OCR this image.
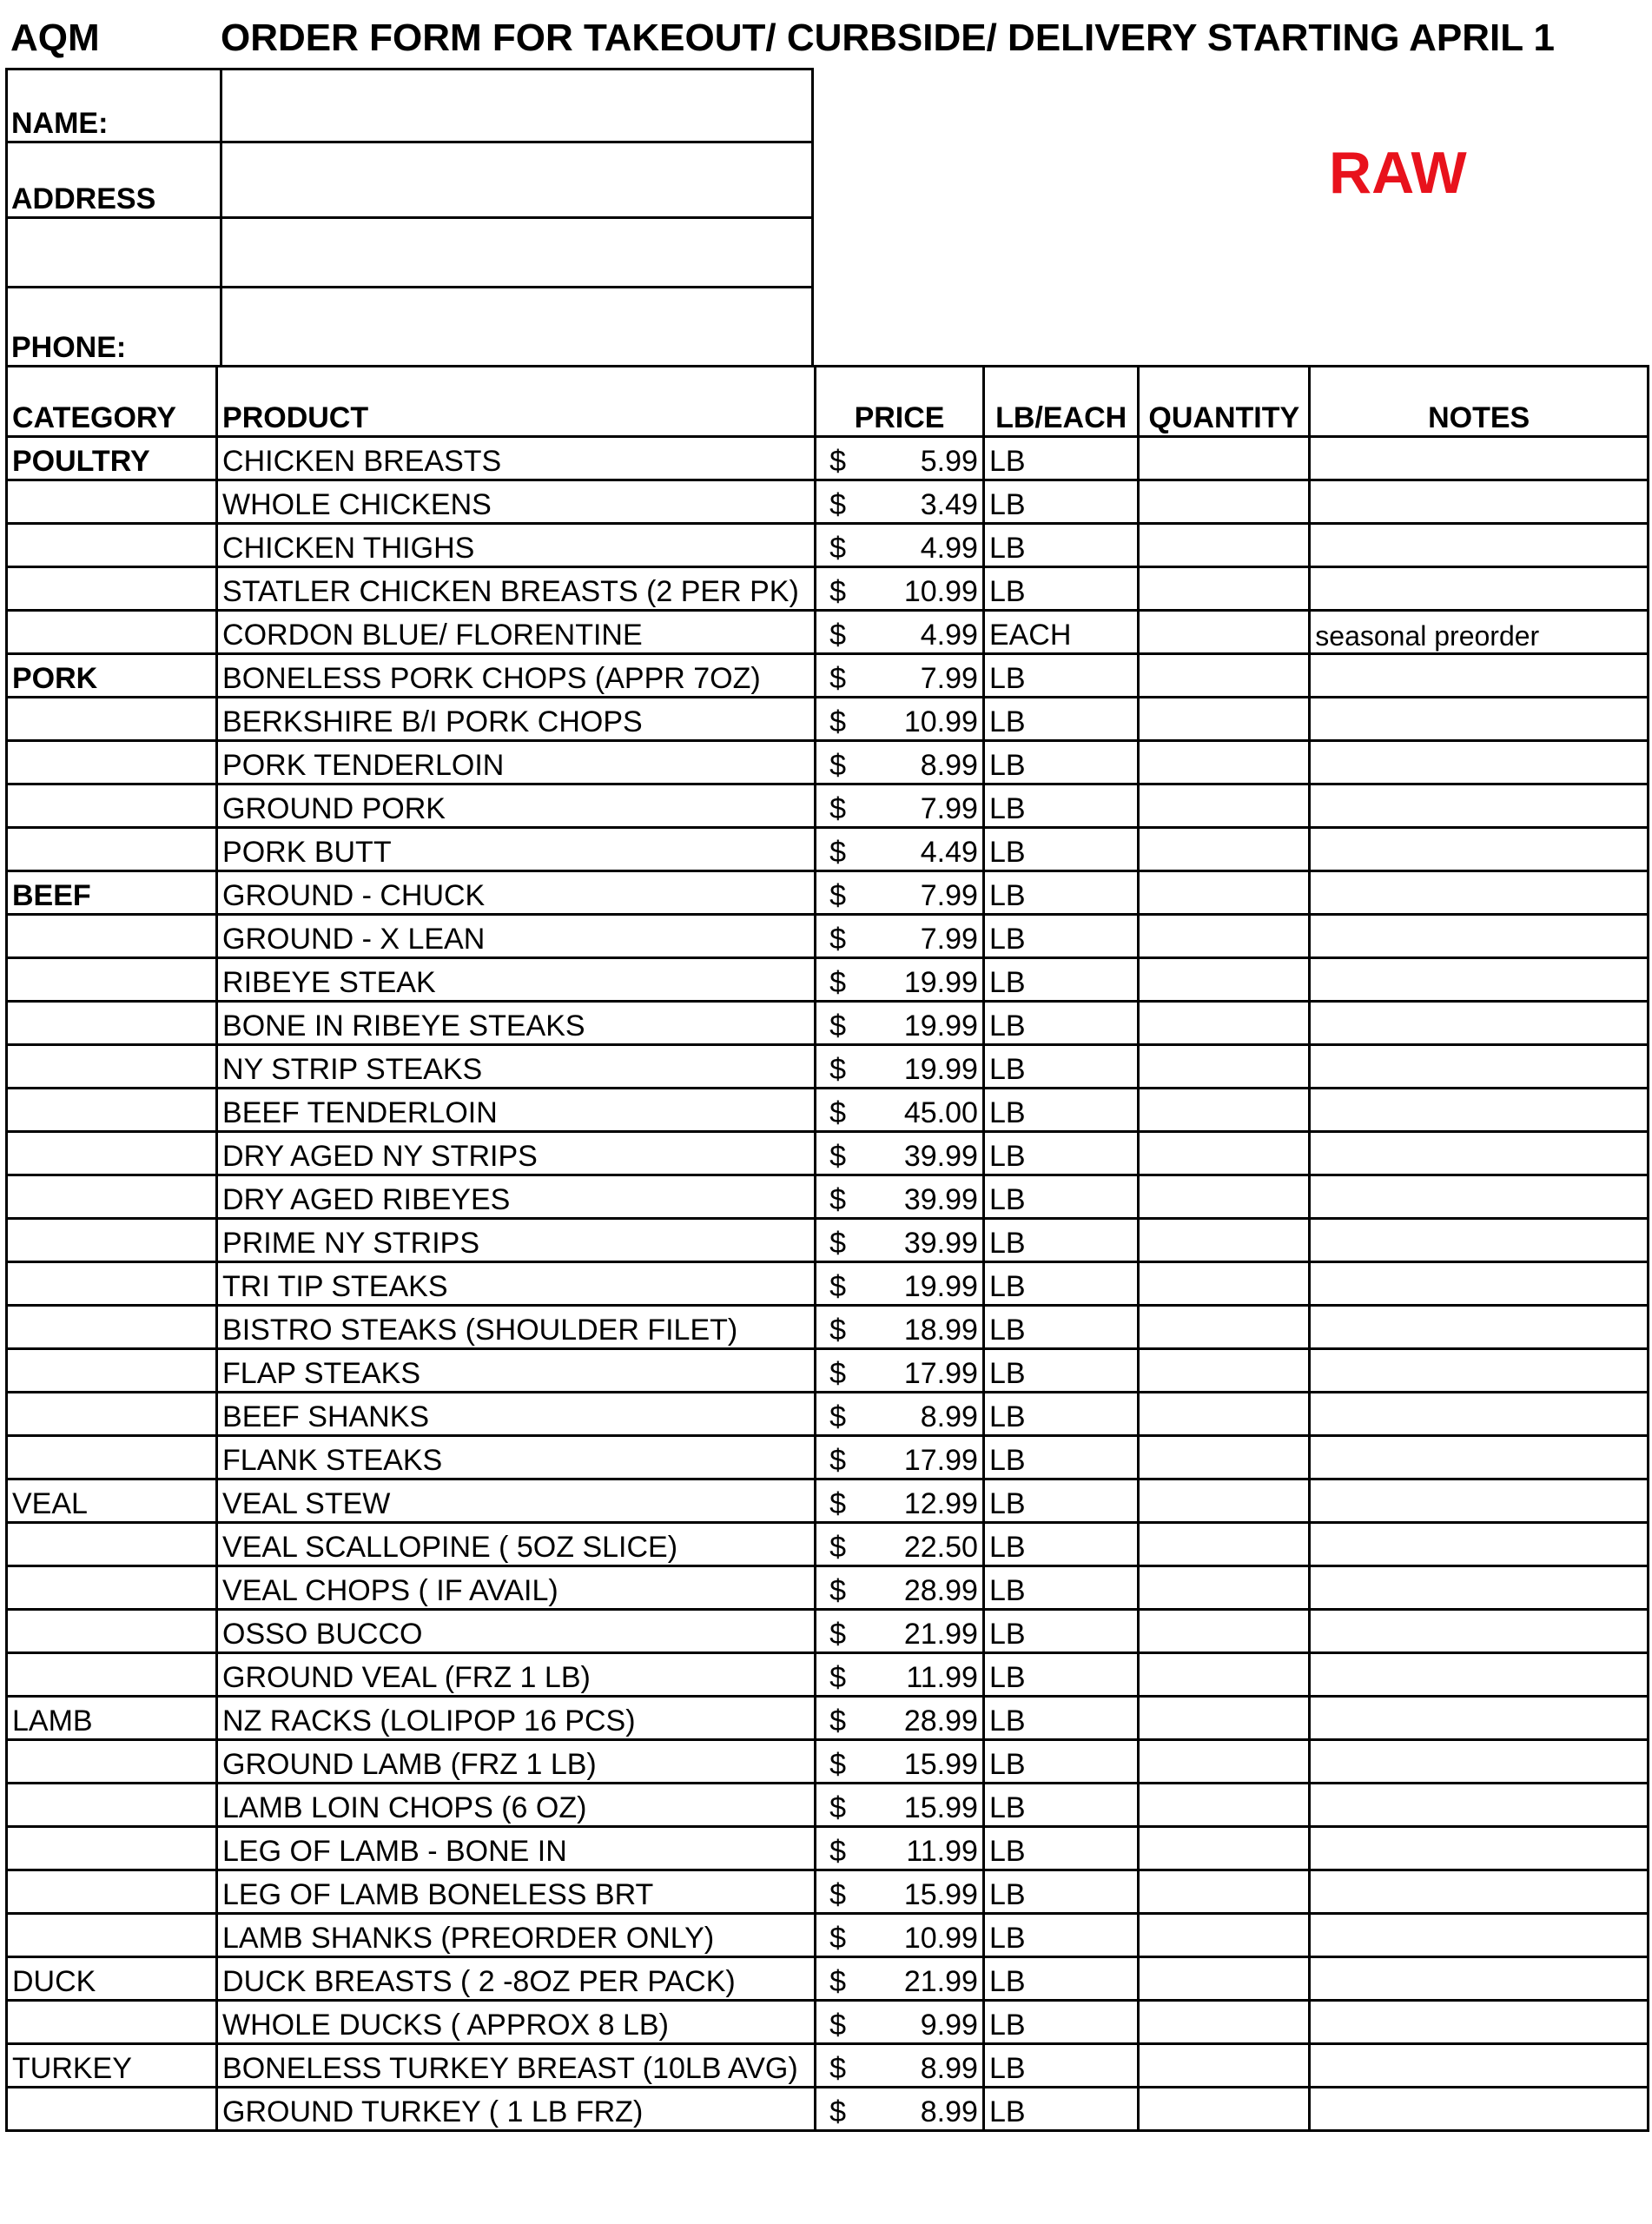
AQM	ORDER FORM FOR TAKEOUT/ CURBSIDE/ DELIVERY STARTING APRIL 1
RAW
NAME:	
ADDRESS	

PHONE:	
CATEGORY	PRODUCT	PRICE	LB/EACH	QUANTITY	NOTES
POULTRY	CHICKEN BREASTS	$ 5.99	LB		
	WHOLE CHICKENS	$ 3.49	LB		
	CHICKEN THIGHS	$ 4.99	LB		
	STATLER CHICKEN BREASTS (2 PER PK)	$ 10.99	LB		
	CORDON BLUE/ FLORENTINE	$ 4.99	EACH		seasonal preorder
PORK	BONELESS PORK CHOPS (APPR 7OZ)	$ 7.99	LB		
	BERKSHIRE B/I PORK CHOPS	$ 10.99	LB		
	PORK TENDERLOIN	$ 8.99	LB		
	GROUND PORK	$ 7.99	LB		
	PORK BUTT	$ 4.49	LB		
BEEF	GROUND - CHUCK	$ 7.99	LB		
	GROUND - X LEAN	$ 7.99	LB		
	RIBEYE STEAK	$ 19.99	LB		
	BONE IN RIBEYE STEAKS	$ 19.99	LB		
	NY STRIP STEAKS	$ 19.99	LB		
	BEEF TENDERLOIN	$ 45.00	LB		
	DRY AGED NY STRIPS	$ 39.99	LB		
	DRY AGED RIBEYES	$ 39.99	LB		
	PRIME NY STRIPS	$ 39.99	LB		
	TRI TIP STEAKS	$ 19.99	LB		
	BISTRO STEAKS (SHOULDER FILET)	$ 18.99	LB		
	FLAP STEAKS	$ 17.99	LB		
	BEEF SHANKS	$ 8.99	LB		
	FLANK STEAKS	$ 17.99	LB		
VEAL	VEAL STEW	$ 12.99	LB		
	VEAL SCALLOPINE ( 5OZ SLICE)	$ 22.50	LB		
	VEAL CHOPS ( IF AVAIL)	$ 28.99	LB		
	OSSO BUCCO	$ 21.99	LB		
	GROUND VEAL (FRZ 1 LB)	$ 11.99	LB		
LAMB	NZ RACKS (LOLIPOP 16 PCS)	$ 28.99	LB		
	GROUND LAMB (FRZ 1 LB)	$ 15.99	LB		
	LAMB LOIN CHOPS (6 OZ)	$ 15.99	LB		
	LEG OF LAMB - BONE IN	$ 11.99	LB		
	LEG OF LAMB BONELESS BRT	$ 15.99	LB		
	LAMB SHANKS (PREORDER ONLY)	$ 10.99	LB		
DUCK	DUCK BREASTS ( 2 -8OZ PER PACK)	$ 21.99	LB		
	WHOLE DUCKS ( APPROX 8 LB)	$ 9.99	LB		
TURKEY	BONELESS TURKEY BREAST (10LB AVG)	$ 8.99	LB		
	GROUND TURKEY ( 1 LB FRZ)	$ 8.99	LB		
